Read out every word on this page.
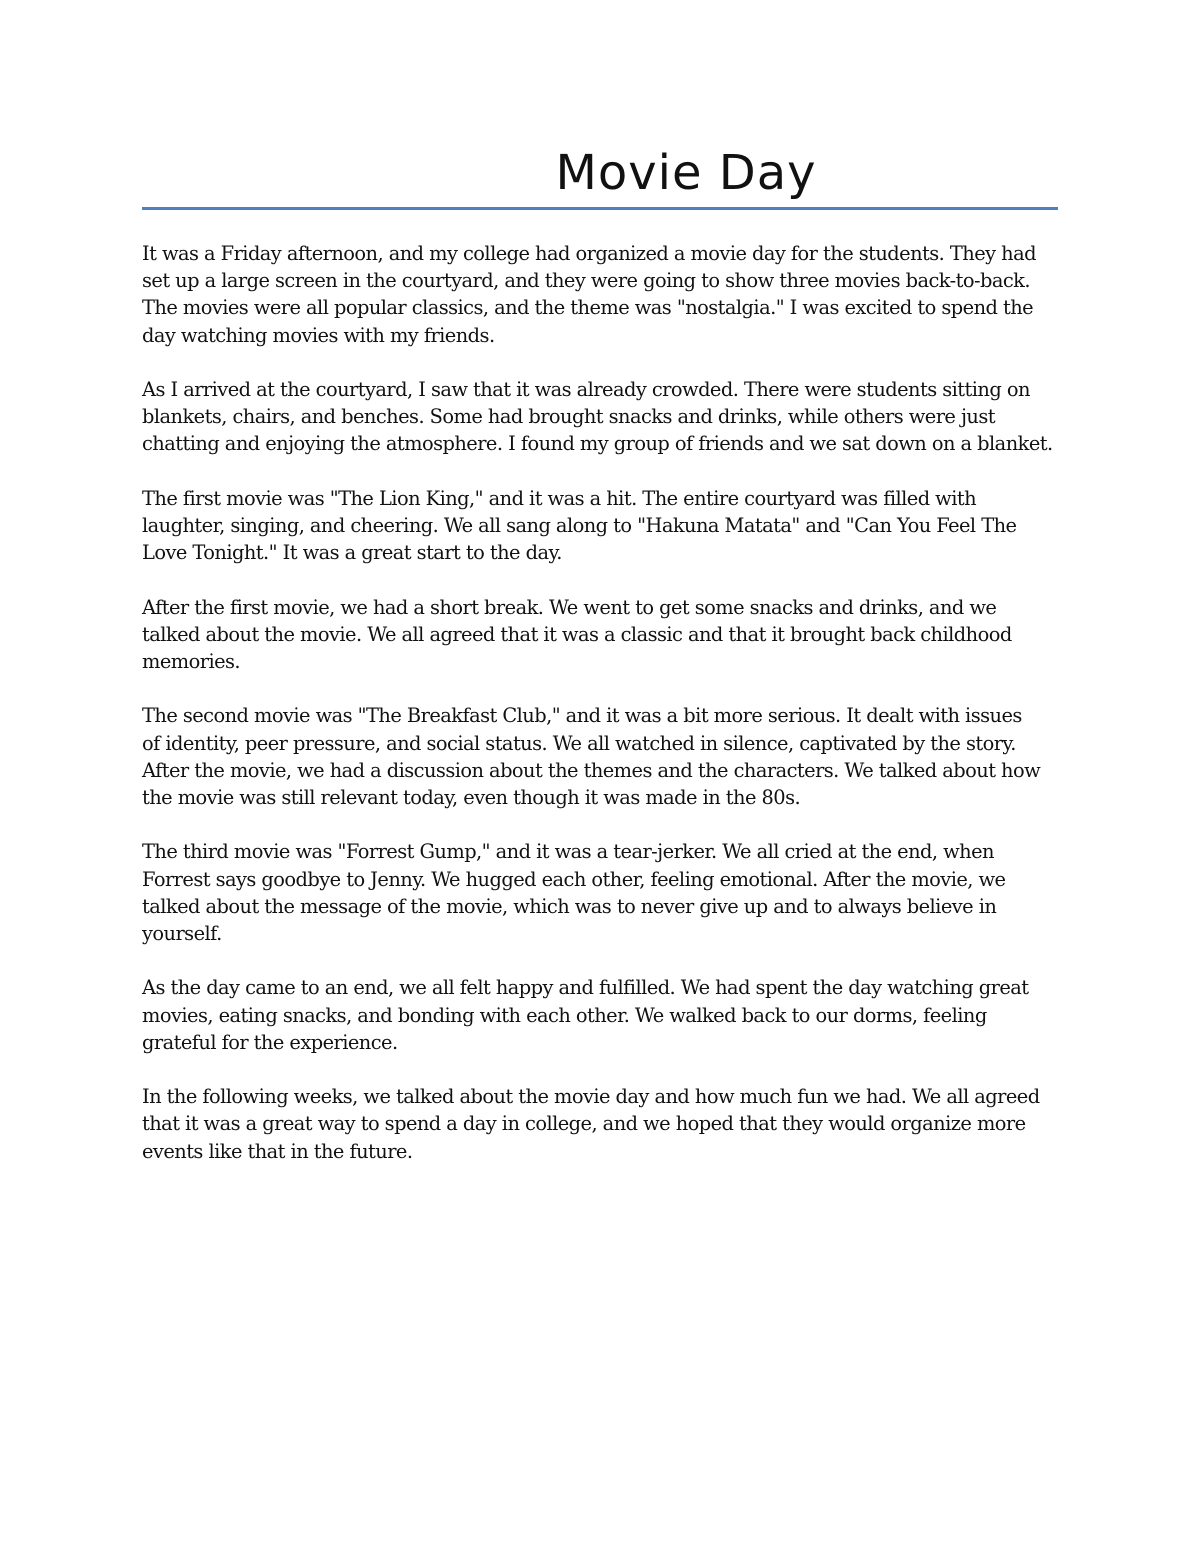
Movie Day

It was a Friday afternoon, and my college had organized a movie day for the students. They had
set up a large screen in the courtyard, and they were going to show three movies back-to-back.
The movies were all popular classics, and the theme was "nostalgia." I was excited to spend the
day watching movies with my friends.

As I arrived at the courtyard, I saw that it was already crowded. There were students sitting on
blankets, chairs, and benches. Some had brought snacks and drinks, while others were just
chatting and enjoying the atmosphere. I found my group of friends and we sat down on a blanket.

The first movie was "The Lion King," and it was a hit. The entire courtyard was filled with
laughter, singing, and cheering. We all sang along to "Hakuna Matata" and "Can You Feel The
Love Tonight." It was a great start to the day.

After the first movie, we had a short break. We went to get some snacks and drinks, and we
talked about the movie. We all agreed that it was a classic and that it brought back childhood
memories.

The second movie was "The Breakfast Club," and it was a bit more serious. It dealt with issues
of identity, peer pressure, and social status. We all watched in silence, captivated by the story.
After the movie, we had a discussion about the themes and the characters. We talked about how
the movie was still relevant today, even though it was made in the 80s.

The third movie was "Forrest Gump," and it was a tear-jerker. We all cried at the end, when
Forrest says goodbye to Jenny. We hugged each other, feeling emotional. After the movie, we
talked about the message of the movie, which was to never give up and to always believe in
yourself.

As the day came to an end, we all felt happy and fulfilled. We had spent the day watching great
movies, eating snacks, and bonding with each other. We walked back to our dorms, feeling
grateful for the experience.

In the following weeks, we talked about the movie day and how much fun we had. We all agreed
that it was a great way to spend a day in college, and we hoped that they would organize more
events like that in the future.
